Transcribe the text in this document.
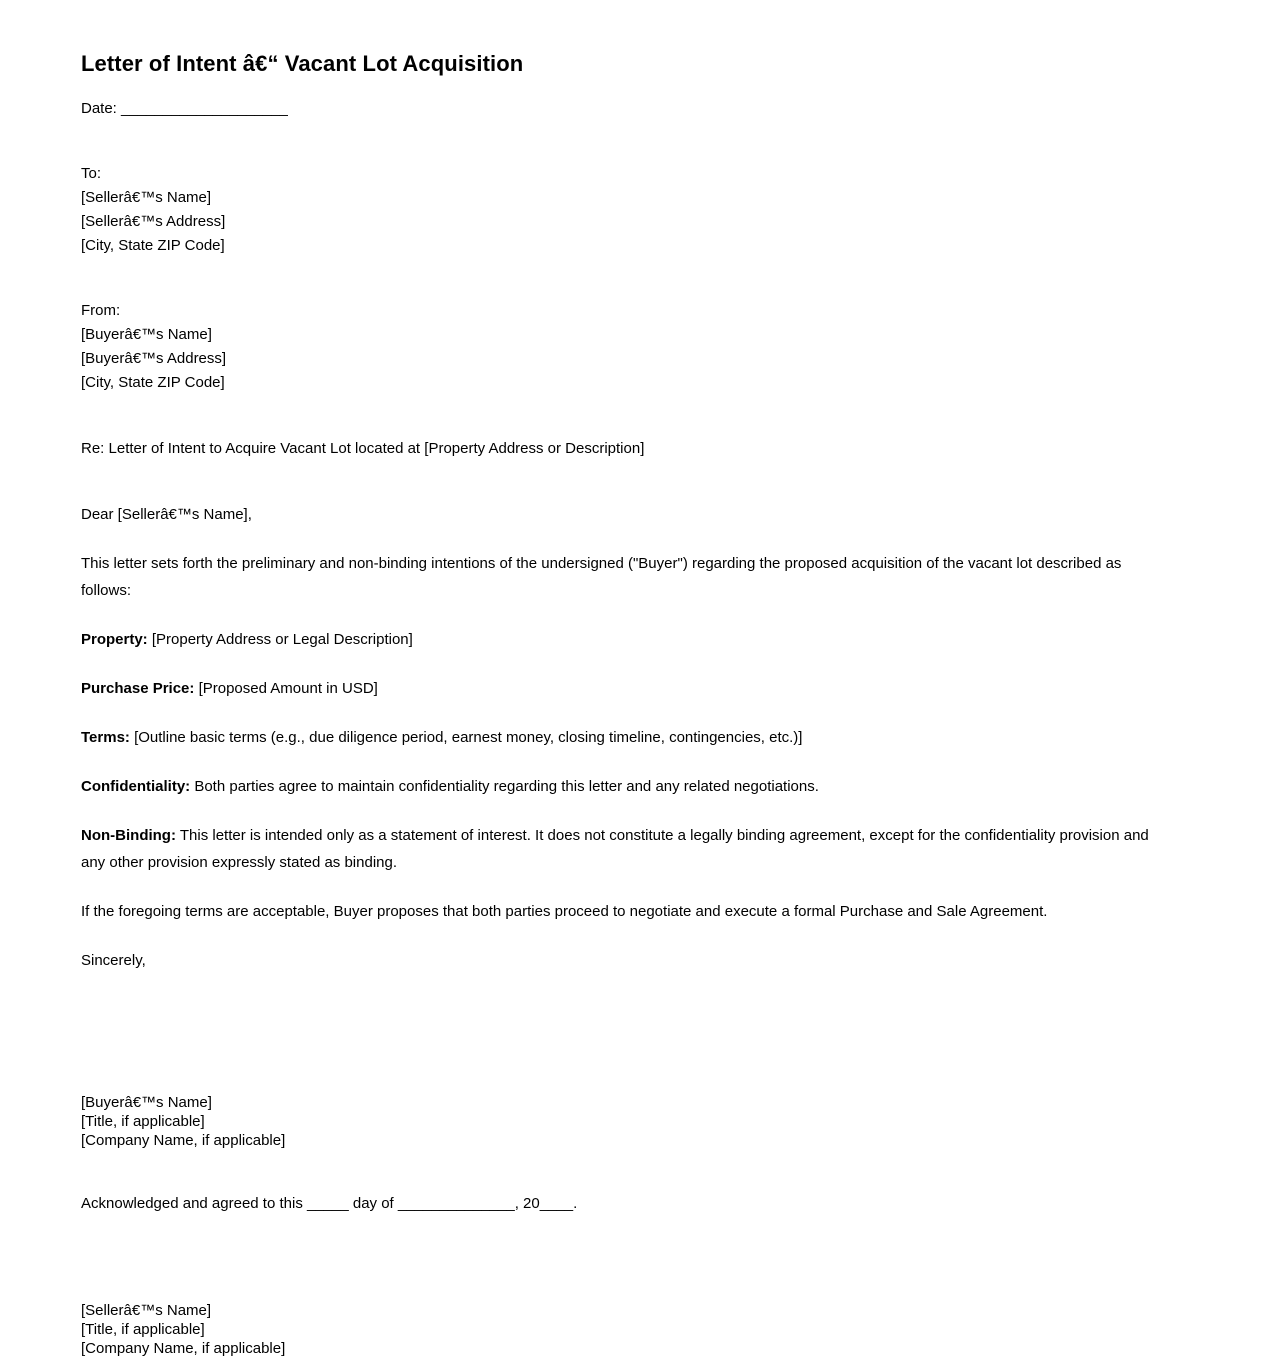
Letter of Intent â€“ Vacant Lot Acquisition

Date: ____________________

To:

[Sellerâ€™s Name]

[Sellerâ€™s Address]

[City, State ZIP Code]

From:

[Buyerâ€™s Name]

[Buyerâ€™s Address]

[City, State ZIP Code]

Re: Letter of Intent to Acquire Vacant Lot located at [Property Address or Description]

Dear [Sellerâ€™s Name],

This letter sets forth the preliminary and non-binding intentions of the undersigned ("Buyer") regarding the proposed acquisition of the vacant lot described as follows:

Property: [Property Address or Legal Description]

Purchase Price: [Proposed Amount in USD]

Terms: [Outline basic terms (e.g., due diligence period, earnest money, closing timeline, contingencies, etc.)]

Confidentiality: Both parties agree to maintain confidentiality regarding this letter and any related negotiations.

Non-Binding: This letter is intended only as a statement of interest. It does not constitute a legally binding agreement, except for the confidentiality provision and any other provision expressly stated as binding.

If the foregoing terms are acceptable, Buyer proposes that both parties proceed to negotiate and execute a formal Purchase and Sale Agreement.

Sincerely,

[Buyerâ€™s Name]

[Title, if applicable]

[Company Name, if applicable]

Acknowledged and agreed to this _____ day of ______________, 20____.

[Sellerâ€™s Name]

[Title, if applicable]

[Company Name, if applicable]
